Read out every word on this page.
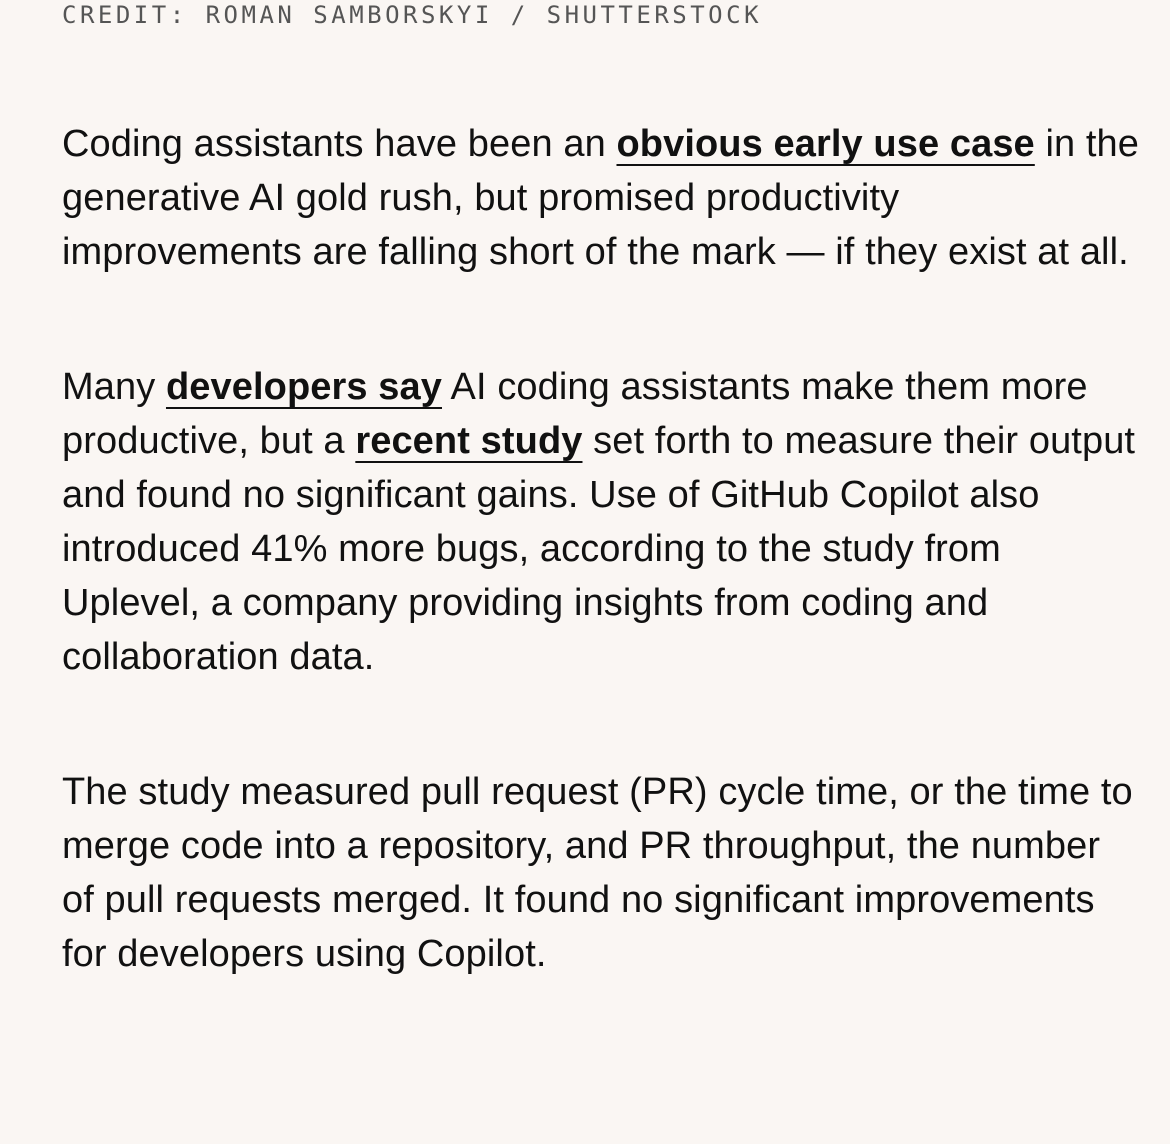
CREDIT: ROMAN SAMBORSKYI / SHUTTERSTOCK

Coding assistants have been an obvious early use case in the generative AI gold rush, but promised productivity improvements are falling short of the mark — if they exist at all.

Many developers say AI coding assistants make them more productive, but a recent study set forth to measure their output and found no significant gains. Use of GitHub Copilot also introduced 41% more bugs, according to the study from Uplevel, a company providing insights from coding and collaboration data.

The study measured pull request (PR) cycle time, or the time to merge code into a repository, and PR throughput, the number of pull requests merged. It found no significant improvements for developers using Copilot.
